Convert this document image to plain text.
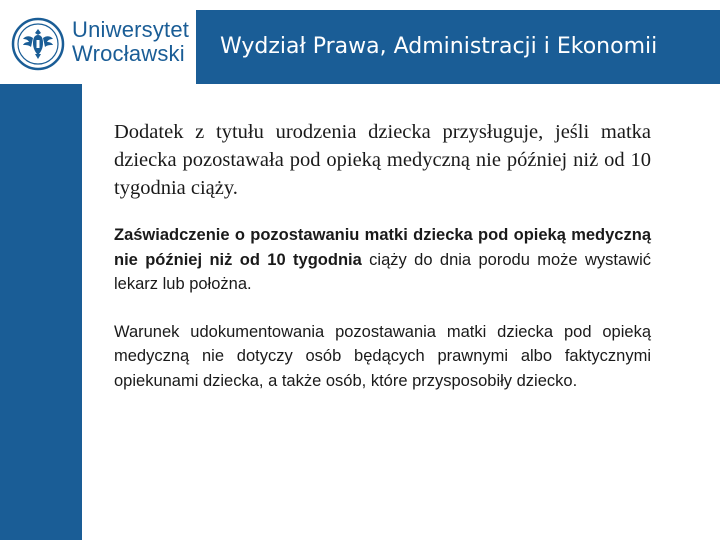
Uniwersytet
Wrocławski Wydział Prawa, Administracji i Ekonomii

Dodatek z tytułu urodzenia dziecka przysługuje, jeśli matka dziecka pozostawała pod opieką medyczną nie później niż od 10 tygodnia ciąży.

Zaświadczenie o pozostawaniu matki dziecka pod opieką medyczną nie później niż od 10 tygodnia ciąży do dnia porodu może wystawić lekarz lub położna.

Warunek udokumentowania pozostawania matki dziecka pod opieką medyczną nie dotyczy osób będących prawnymi albo faktycznymi opiekunami dziecka, a także osób, które przysposobiły dziecko.
